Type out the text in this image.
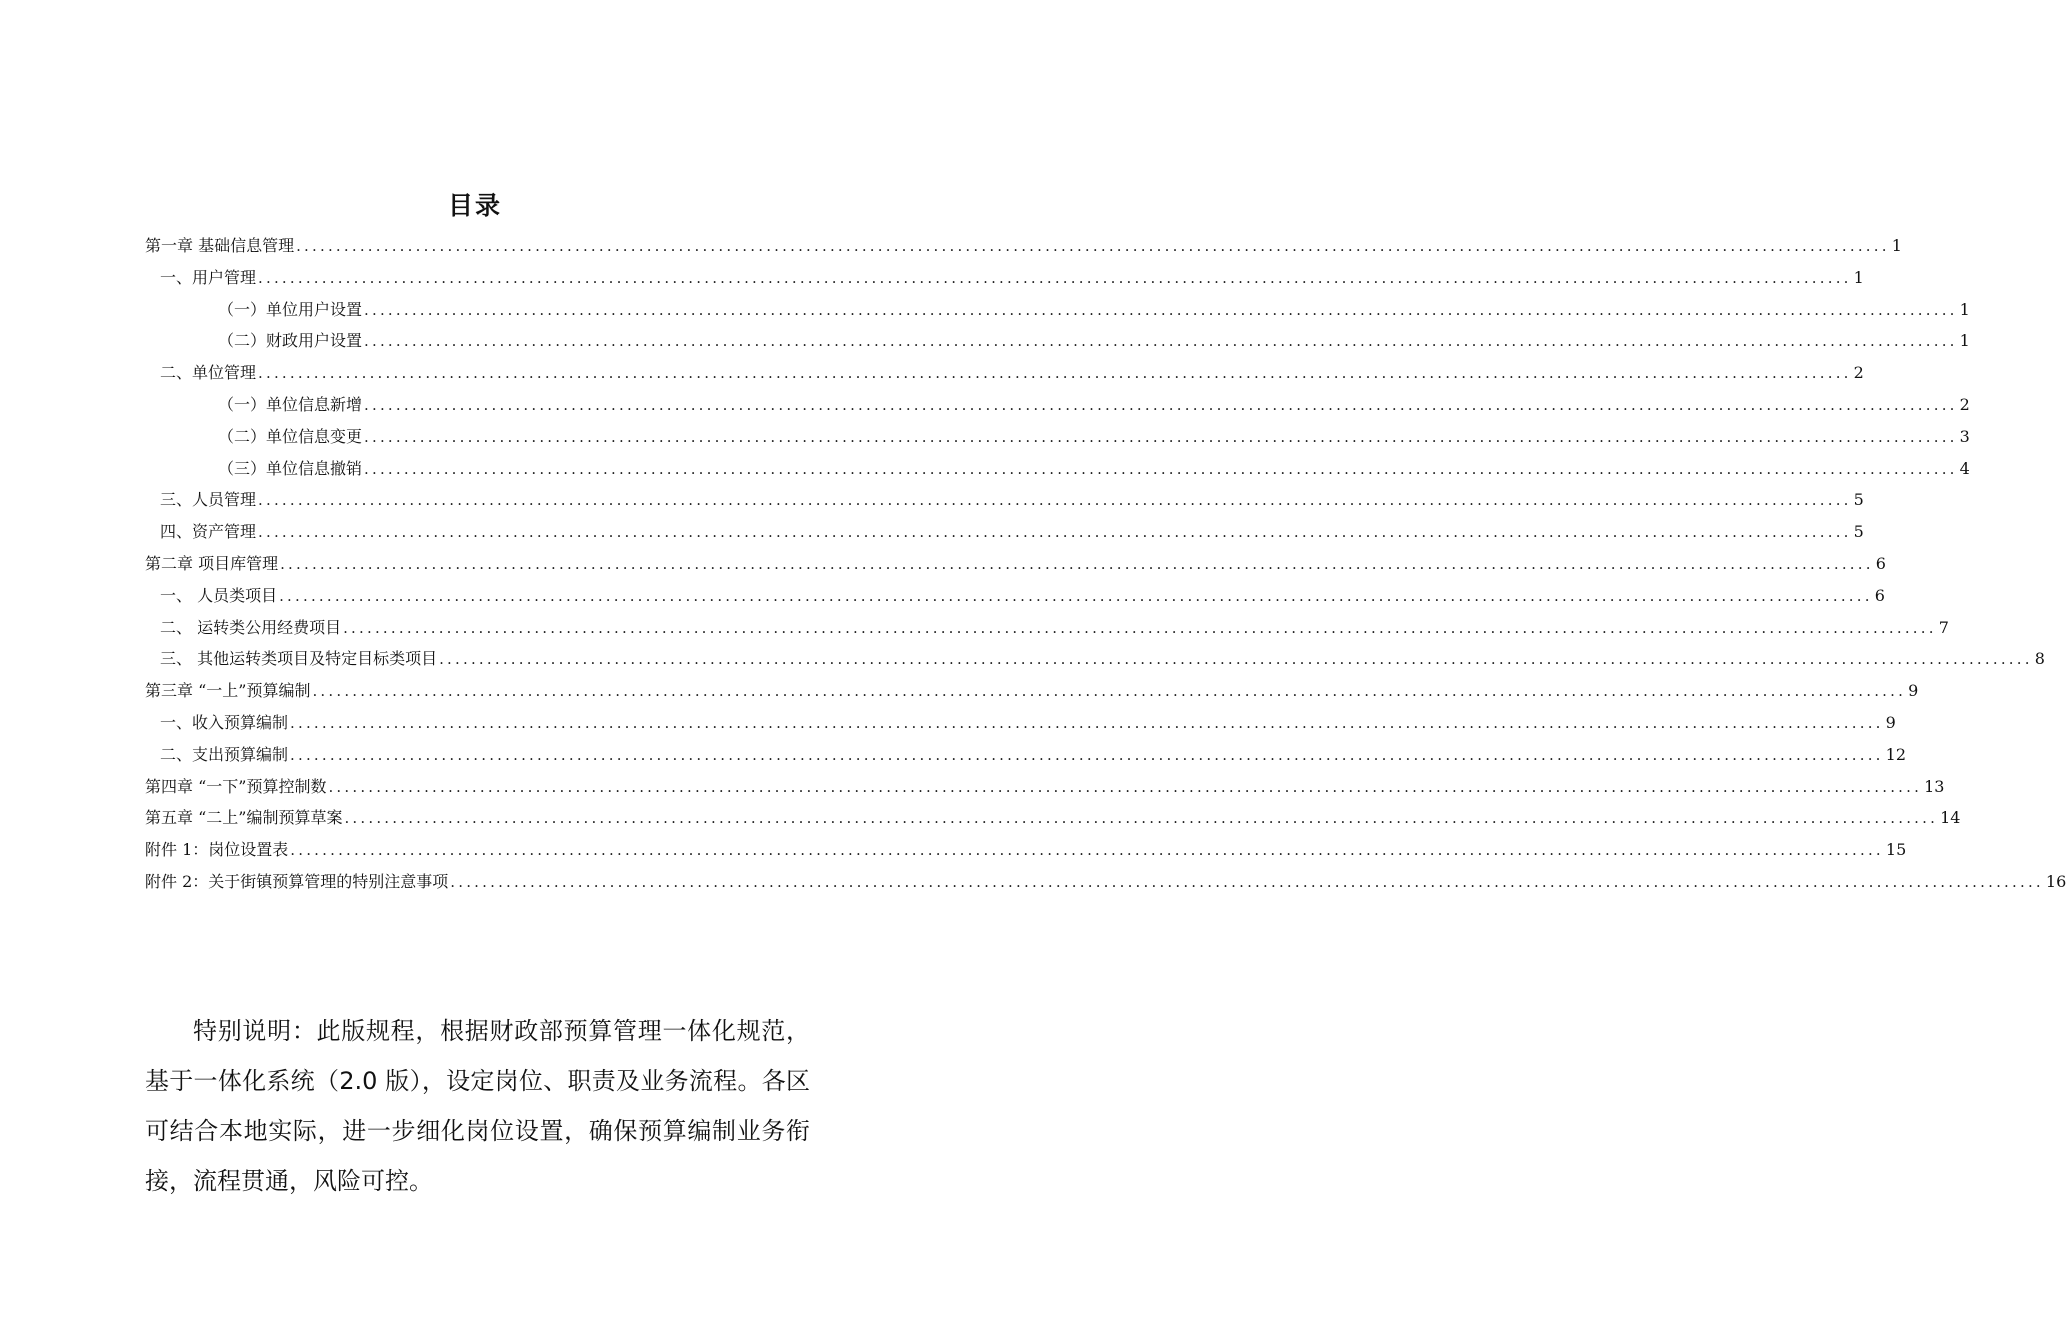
目录
第一章 基础信息管理 ........................................................................................................................................................................................................ 1
一、用户管理 ........................................................................................................................................................................................................ 1
（一）单位用户设置 ........................................................................................................................................................................................................ 1
（二）财政用户设置 ........................................................................................................................................................................................................ 1
二、单位管理 ........................................................................................................................................................................................................ 2
（一）单位信息新增 ........................................................................................................................................................................................................ 2
（二）单位信息变更 ........................................................................................................................................................................................................ 3
（三）单位信息撤销 ........................................................................................................................................................................................................ 4
三、人员管理 ........................................................................................................................................................................................................ 5
四、资产管理 ........................................................................................................................................................................................................ 5
第二章 项目库管理 ........................................................................................................................................................................................................ 6
一、 人员类项目 ........................................................................................................................................................................................................ 6
二、 运转类公用经费项目 ........................................................................................................................................................................................................ 7
三、 其他运转类项目及特定目标类项目 ........................................................................................................................................................................................................ 8
第三章 “一上”预算编制 ........................................................................................................................................................................................................ 9
一、收入预算编制 ........................................................................................................................................................................................................ 9
二、支出预算编制 ........................................................................................................................................................................................................ 12
第四章 “一下”预算控制数 ........................................................................................................................................................................................................ 13
第五章 “二上”编制预算草案 ........................................................................................................................................................................................................ 14
附件 1：岗位设置表 ........................................................................................................................................................................................................ 15
附件 2：关于街镇预算管理的特别注意事项 ........................................................................................................................................................................................................ 16

特别说明：此版规程，根据财政部预算管理一体化规范，基于一体化系统（2.0 版），设定岗位、职责及业务流程。各区可结合本地实际，进一步细化岗位设置，确保预算编制业务衔接，流程贯通，风险可控。
